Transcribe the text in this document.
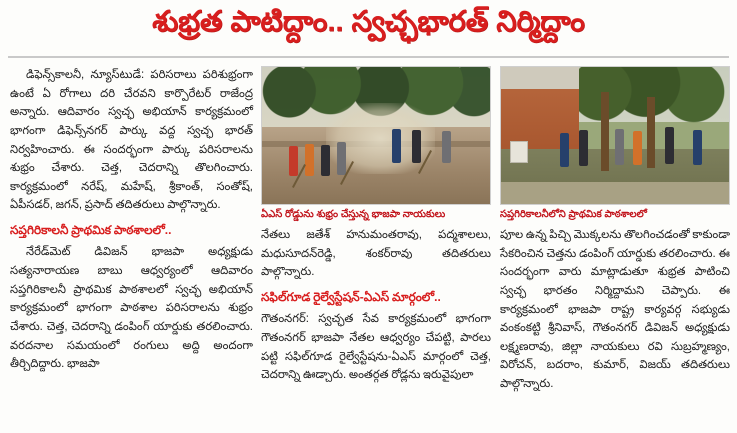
శుభ్రత పాటిద్దాం.. స్వచ్ఛభారత్ నిర్మిద్దాం

డిఫెన్స్‌కాలనీ, న్యూస్‌టుడే: పరిసరాలు పరిశుభ్రంగా ఉంటే ఏ రోగాలు దరి చేరవని కార్పొరేటర్ రాజేంద్ర అన్నారు. ఆదివారం స్వచ్ఛ అభియాన్ కార్యక్రమంలో భాగంగా డిఫెన్స్‌నగర్ పార్కు వద్ద స్వచ్ఛ భారత్ నిర్వహించారు. ఈ సందర్భంగా పార్కు పరిసరాలను శుభ్రం చేశారు. చెత్త, చెదరాన్ని తొలగించారు. కార్యక్రమంలో నరేష్, మహేష్, శ్రీకాంత్, సంతోష్, ఏపీసడర్, జగన్, ప్రసాద్ తదితరులు పాల్గొన్నారు.

సప్తగిరికాలనీ ప్రాథమిక పాఠశాలలో..

నేరేడ్‌మెట్ డివిజన్ భాజపా అధ్యక్షుడు సత్యనారాయణ బాబు ఆధ్వర్యంలో ఆదివారం సప్తగిరికాలనీ ప్రాథమిక పాఠశాలలో స్వచ్ఛ అభియాన్ కార్యక్రమంలో భాగంగా పాఠశాల పరిసరాలను శుభ్రం చేశారు. చెత్త, చెదరాన్ని డంపింగ్ యార్డుకు తరలించారు. వరదనాల సమయంలో రంగులు అద్ది అందంగా తీర్చిదిద్దారు. భాజపా

ఏఎస్ రోడ్డును శుభ్రం చేస్తున్న భాజపా నాయకులు

నేతలు జతేశ్ హనుమంతరావు, పద్మశాలలు, మధుసూదన్‌రెడ్డి, శంకర్‌రావు తదితరులు పాల్గొన్నారు.

సఫిల్‌గూడ రైల్వేస్టేషన్-ఏఎస్ మార్గంలో..

గౌతంనగర్: స్వచ్ఛత సేవ కార్యక్రమంలో భాగంగా గౌతంనగర్ భాజపా నేతల ఆధ్వర్యం చేపట్టి, పారలు పట్టి సఫిల్‌గూడ రైల్వేస్టేషను-ఏఎస్ మార్గంలో చెత్త, చెదరాన్ని ఊడ్చారు. అంతర్గత రోడ్లను ఇరువైపులా

సప్తగిరికాలనీలోని ప్రాథమిక పాఠశాలలో

పూల ఉన్న పిచ్చి మొక్కలను తొలగించడంతో కాకుండా సేకరించిన చెత్తను డంపింగ్ యార్డుకు తరలించారు. ఈ సందర్భంగా వారు మాట్లాడుతూ శుభ్రత పాటించి స్వచ్ఛ భారతం నిర్మిద్దామని చెప్పారు. ఈ కార్యక్రమంలో భాజపా రాష్ట్ర కార్యవర్గ సభ్యుడు వంకంకట్టి శ్రీనివాస్, గౌతంనగర్ డివిజన్ అధ్యక్షుడు లక్ష్మణరావు, జిల్లా నాయకులు రవి సుబ్రహ్మణ్యం, విరోచన్, బదరాం, కుమార్, విజయ్ తదితరులు పాల్గొన్నారు.
